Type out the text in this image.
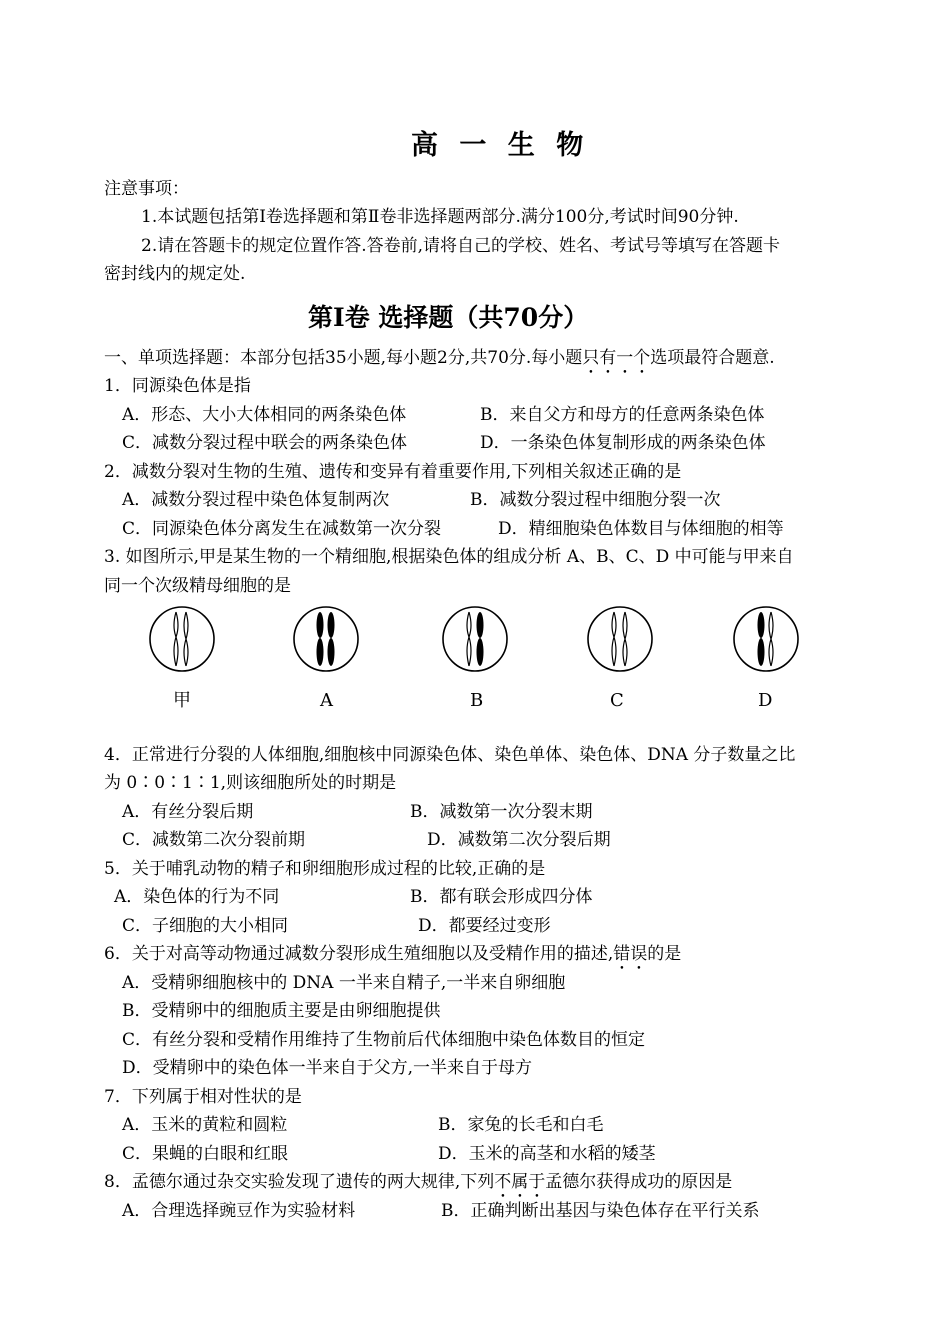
高 一 生 物
注意事项：
1.本试题包括第Ⅰ卷选择题和第Ⅱ卷非选择题两部分.满分100分,考试时间90分钟.
2.请在答题卡的规定位置作答.答卷前,请将自己的学校、姓名、考试号等填写在答题卡
密封线内的规定处.
第Ⅰ卷 选择题（共70分）
一、单项选择题：本部分包括35小题,每小题2分,共70分.每小题只有一个选项最符合题意.
1．同源染色体是指
A．形态、大小大体相同的两条染色体	B．来自父方和母方的任意两条染色体
C．减数分裂过程中联会的两条染色体	D．一条染色体复制形成的两条染色体
2．减数分裂对生物的生殖、遗传和变异有着重要作用,下列相关叙述正确的是
A．减数分裂过程中染色体复制两次	B．减数分裂过程中细胞分裂一次
C．同源染色体分离发生在减数第一次分裂	D．精细胞染色体数目与体细胞的相等
3. 如图所示,甲是某生物的一个精细胞,根据染色体的组成分析 A、B、C、D 中可能与甲来自
同一个次级精母细胞的是
甲	A	B	C	D
4．正常进行分裂的人体细胞,细胞核中同源染色体、染色单体、染色体、DNA 分子数量之比
为 0∶0∶1∶1,则该细胞所处的时期是
A．有丝分裂后期	B．减数第一次分裂末期
C．减数第二次分裂前期	D．减数第二次分裂后期
5．关于哺乳动物的精子和卵细胞形成过程的比较,正确的是
A．染色体的行为不同	B．都有联会形成四分体
C．子细胞的大小相同	D．都要经过变形
6．关于对高等动物通过减数分裂形成生殖细胞以及受精作用的描述,错误的是
A．受精卵细胞核中的 DNA 一半来自精子,一半来自卵细胞
B．受精卵中的细胞质主要是由卵细胞提供
C．有丝分裂和受精作用维持了生物前后代体细胞中染色体数目的恒定
D．受精卵中的染色体一半来自于父方,一半来自于母方
7．下列属于相对性状的是
A．玉米的黄粒和圆粒	B．家兔的长毛和白毛
C．果蝇的白眼和红眼	D．玉米的高茎和水稻的矮茎
8．孟德尔通过杂交实验发现了遗传的两大规律,下列不属于孟德尔获得成功的原因是
A．合理选择豌豆作为实验材料	B．正确判断出基因与染色体存在平行关系
